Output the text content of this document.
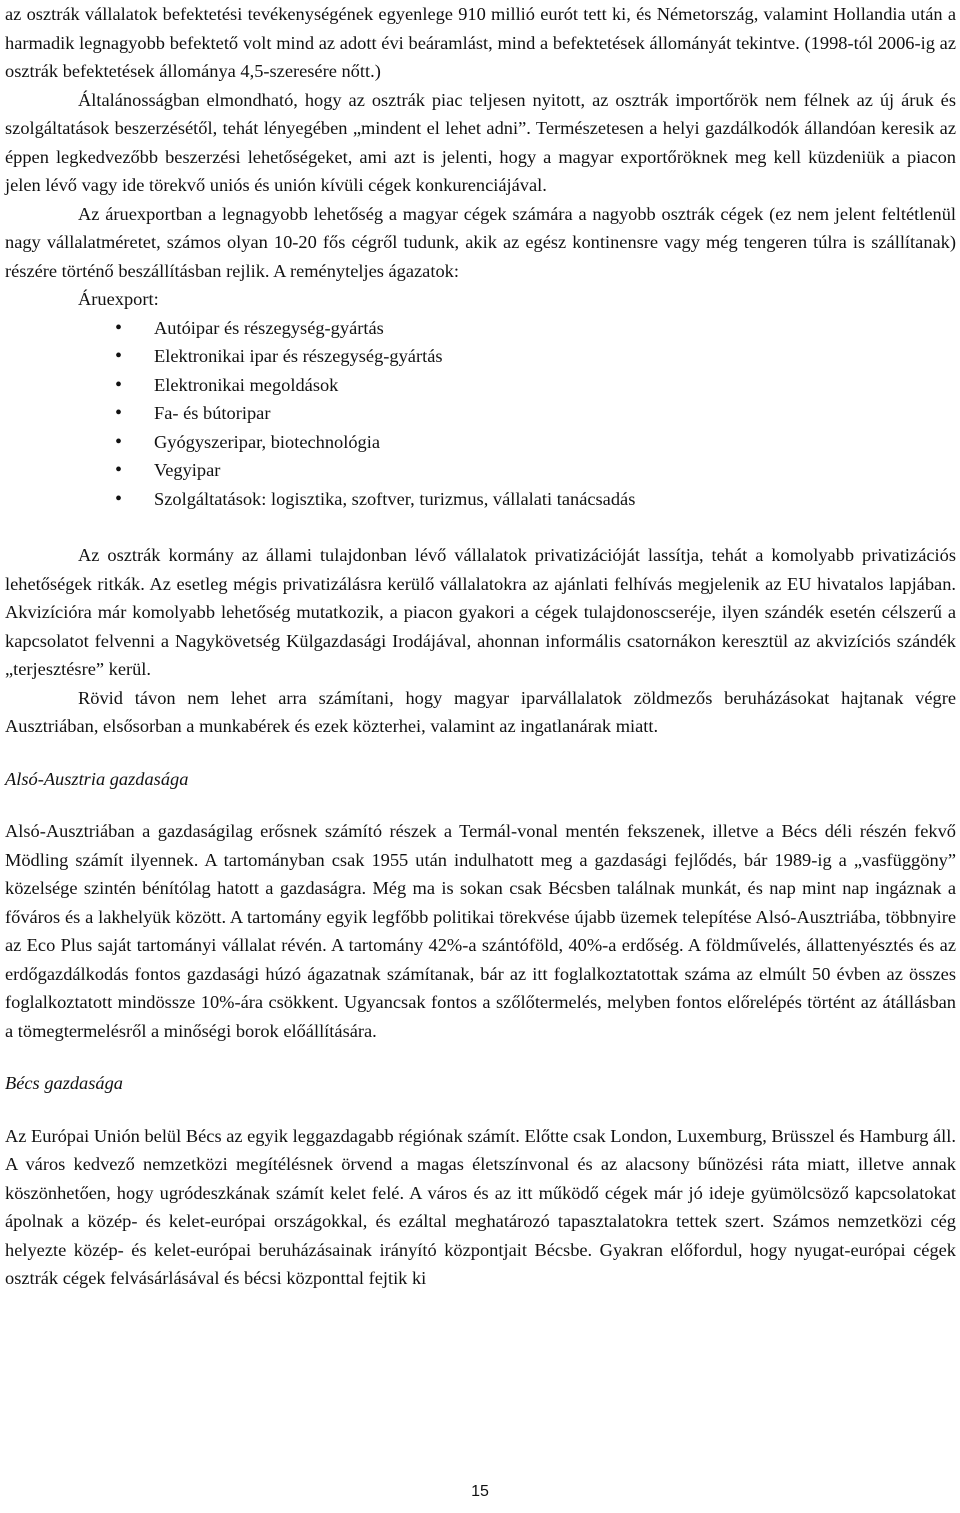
az osztrák vállalatok befektetési tevékenységének egyenlege 910 millió eurót tett ki, és Németország, valamint Hollandia után a harmadik legnagyobb befektető volt mind az adott évi beáramlást, mind a befektetések állományát tekintve. (1998-tól 2006-ig az osztrák befektetések állománya 4,5-szeresére nőtt.)

Általánosságban elmondható, hogy az osztrák piac teljesen nyitott, az osztrák importőrök nem félnek az új áruk és szolgáltatások beszerzésétől, tehát lényegében „mindent el lehet adni”. Természetesen a helyi gazdálkodók állandóan keresik az éppen legkedvezőbb beszerzési lehetőségeket, ami azt is jelenti, hogy a magyar exportőröknek meg kell küzdeniük a piacon jelen lévő vagy ide törekvő uniós és unión kívüli cégek konkurenciájával.

Az áruexportban a legnagyobb lehetőség a magyar cégek számára a nagyobb osztrák cégek (ez nem jelent feltétlenül nagy vállalatméretet, számos olyan 10-20 fős cégről tudunk, akik az egész kontinensre vagy még tengeren túlra is szállítanak) részére történő beszállításban rejlik. A reményteljes ágazatok:

Áruexport:

• Autóipar és részegység-gyártás
• Elektronikai ipar és részegység-gyártás
• Elektronikai megoldások
• Fa- és bútoripar
• Gyógyszeripar, biotechnológia
• Vegyipar
• Szolgáltatások: logisztika, szoftver, turizmus, vállalati tanácsadás

Az osztrák kormány az állami tulajdonban lévő vállalatok privatizációját lassítja, tehát a komolyabb privatizációs lehetőségek ritkák. Az esetleg mégis privatizálásra kerülő vállalatokra az ajánlati felhívás megjelenik az EU hivatalos lapjában. Akvizícióra már komolyabb lehetőség mutatkozik, a piacon gyakori a cégek tulajdonoscseréje, ilyen szándék esetén célszerű a kapcsolatot felvenni a Nagykövetség Külgazdasági Irodájával, ahonnan informális csatornákon keresztül az akvizíciós szándék „terjesztésre” kerül.

Rövid távon nem lehet arra számítani, hogy magyar iparvállalatok zöldmezős beruházásokat hajtanak végre Ausztriában, elsősorban a munkabérek és ezek közterhei, valamint az ingatlanárak miatt.

Alsó-Ausztria gazdasága

Alsó-Ausztriában a gazdaságilag erősnek számító részek a Termál-vonal mentén fekszenek, illetve a Bécs déli részén fekvő Mödling számít ilyennek. A tartományban csak 1955 után indulhatott meg a gazdasági fejlődés, bár 1989-ig a „vasfüggöny” közelsége szintén bénítólag hatott a gazdaságra. Még ma is sokan csak Bécsben találnak munkát, és nap mint nap ingáznak a főváros és a lakhelyük között. A tartomány egyik legfőbb politikai törekvése újabb üzemek telepítése Alsó-Ausztriába, többnyire az Eco Plus saját tartományi vállalat révén. A tartomány 42%-a szántóföld, 40%-a erdőség. A földművelés, állattenyésztés és az erdőgazdálkodás fontos gazdasági húzó ágazatnak számítanak, bár az itt foglalkoztatottak száma az elmúlt 50 évben az összes foglalkoztatott mindössze 10%-ára csökkent. Ugyancsak fontos a szőlőtermelés, melyben fontos előrelépés történt az átállásban a tömegtermelésről a minőségi borok előállítására.

Bécs gazdasága

Az Európai Unión belül Bécs az egyik leggazdagabb régiónak számít. Előtte csak London, Luxemburg, Brüsszel és Hamburg áll. A város kedvező nemzetközi megítélésnek örvend a magas életszínvonal és az alacsony bűnözési ráta miatt, illetve annak köszönhetően, hogy ugródeszkának számít kelet felé. A város és az itt működő cégek már jó ideje gyümölcsöző kapcsolatokat ápolnak a közép- és kelet-európai országokkal, és ezáltal meghatározó tapasztalatokra tettek szert. Számos nemzetközi cég helyezte közép- és kelet-európai beruházásainak irányító központjait Bécsbe. Gyakran előfordul, hogy nyugat-európai cégek osztrák cégek felvásárlásával és bécsi központtal fejtik ki

15
